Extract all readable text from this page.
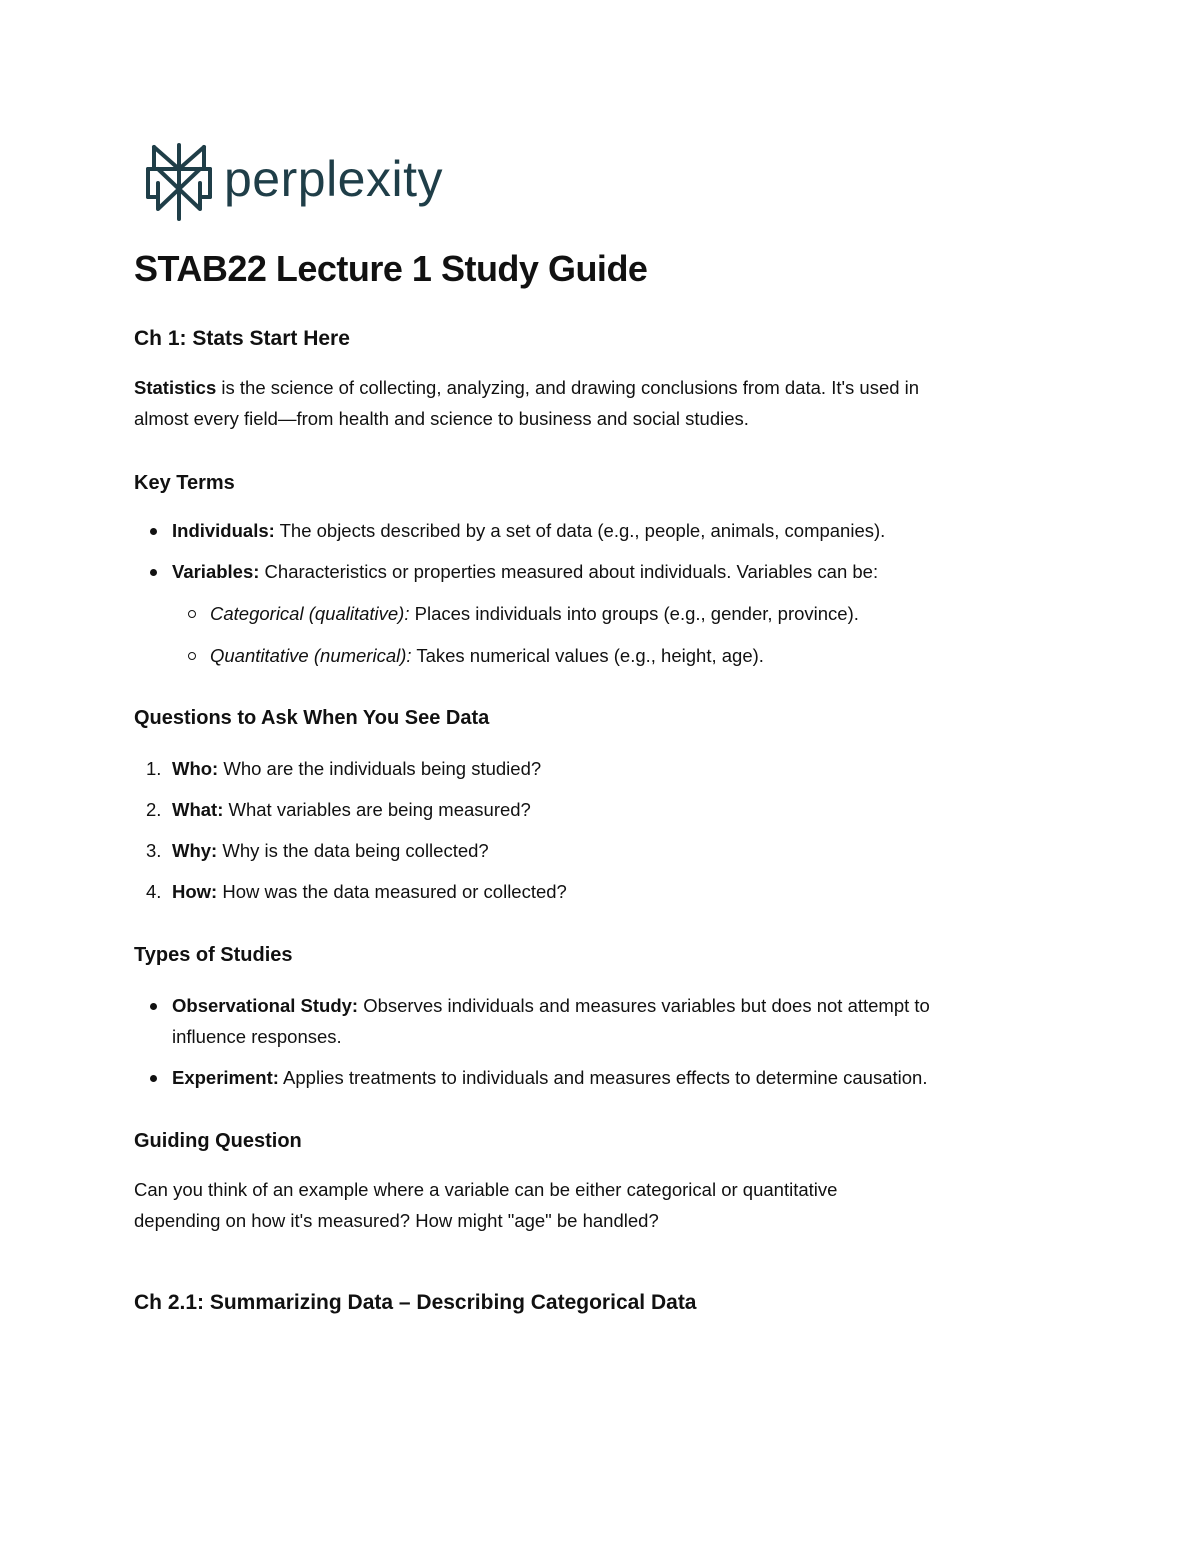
perplexity
STAB22 Lecture 1 Study Guide
Ch 1: Stats Start Here

Statistics is the science of collecting, analyzing, and drawing conclusions from data. It's used in
almost every field—from health and science to business and social studies.

Key Terms

Individuals: The objects described by a set of data (e.g., people, animals, companies).

Variables: Characteristics or properties measured about individuals. Variables can be:

Categorical (qualitative): Places individuals into groups (e.g., gender, province).

Quantitative (numerical): Takes numerical values (e.g., height, age).

Questions to Ask When You See Data

1. Who: Who are the individuals being studied?

2. What: What variables are being measured?

3. Why: Why is the data being collected?

4. How: How was the data measured or collected?

Types of Studies

Observational Study: Observes individuals and measures variables but does not attempt to
influence responses.

Experiment: Applies treatments to individuals and measures effects to determine causation.

Guiding Question

Can you think of an example where a variable can be either categorical or quantitative
depending on how it's measured? How might "age" be handled?

Ch 2.1: Summarizing Data – Describing Categorical Data
